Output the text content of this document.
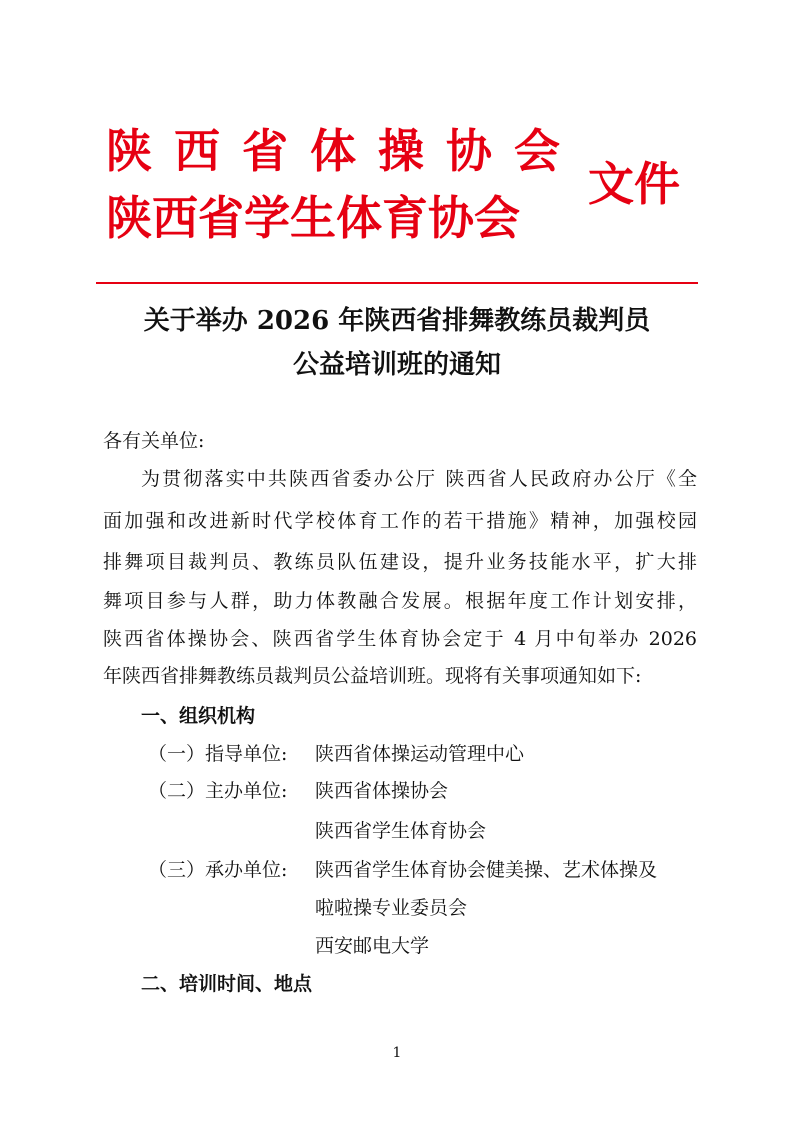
陕西省体操协会
陕西省学生体育协会
文件
关于举办 2026 年陕西省排舞教练员裁判员
公益培训班的通知
各有关单位:
为贯彻落实中共陕西省委办公厅 陕西省人民政府办公厅《全
面加强和改进新时代学校体育工作的若干措施》精神，加强校园
排舞项目裁判员、教练员队伍建设，提升业务技能水平，扩大排
舞项目参与人群，助力体教融合发展。根据年度工作计划安排，
陕西省体操协会、陕西省学生体育协会定于 4 月中旬举办 2026
年陕西省排舞教练员裁判员公益培训班。现将有关事项通知如下:
一、组织机构
（一）指导单位: 陕西省体操运动管理中心
（二）主办单位: 陕西省体操协会
陕西省学生体育协会
（三）承办单位: 陕西省学生体育协会健美操、艺术体操及
啦啦操专业委员会
西安邮电大学
二、培训时间、地点
1
